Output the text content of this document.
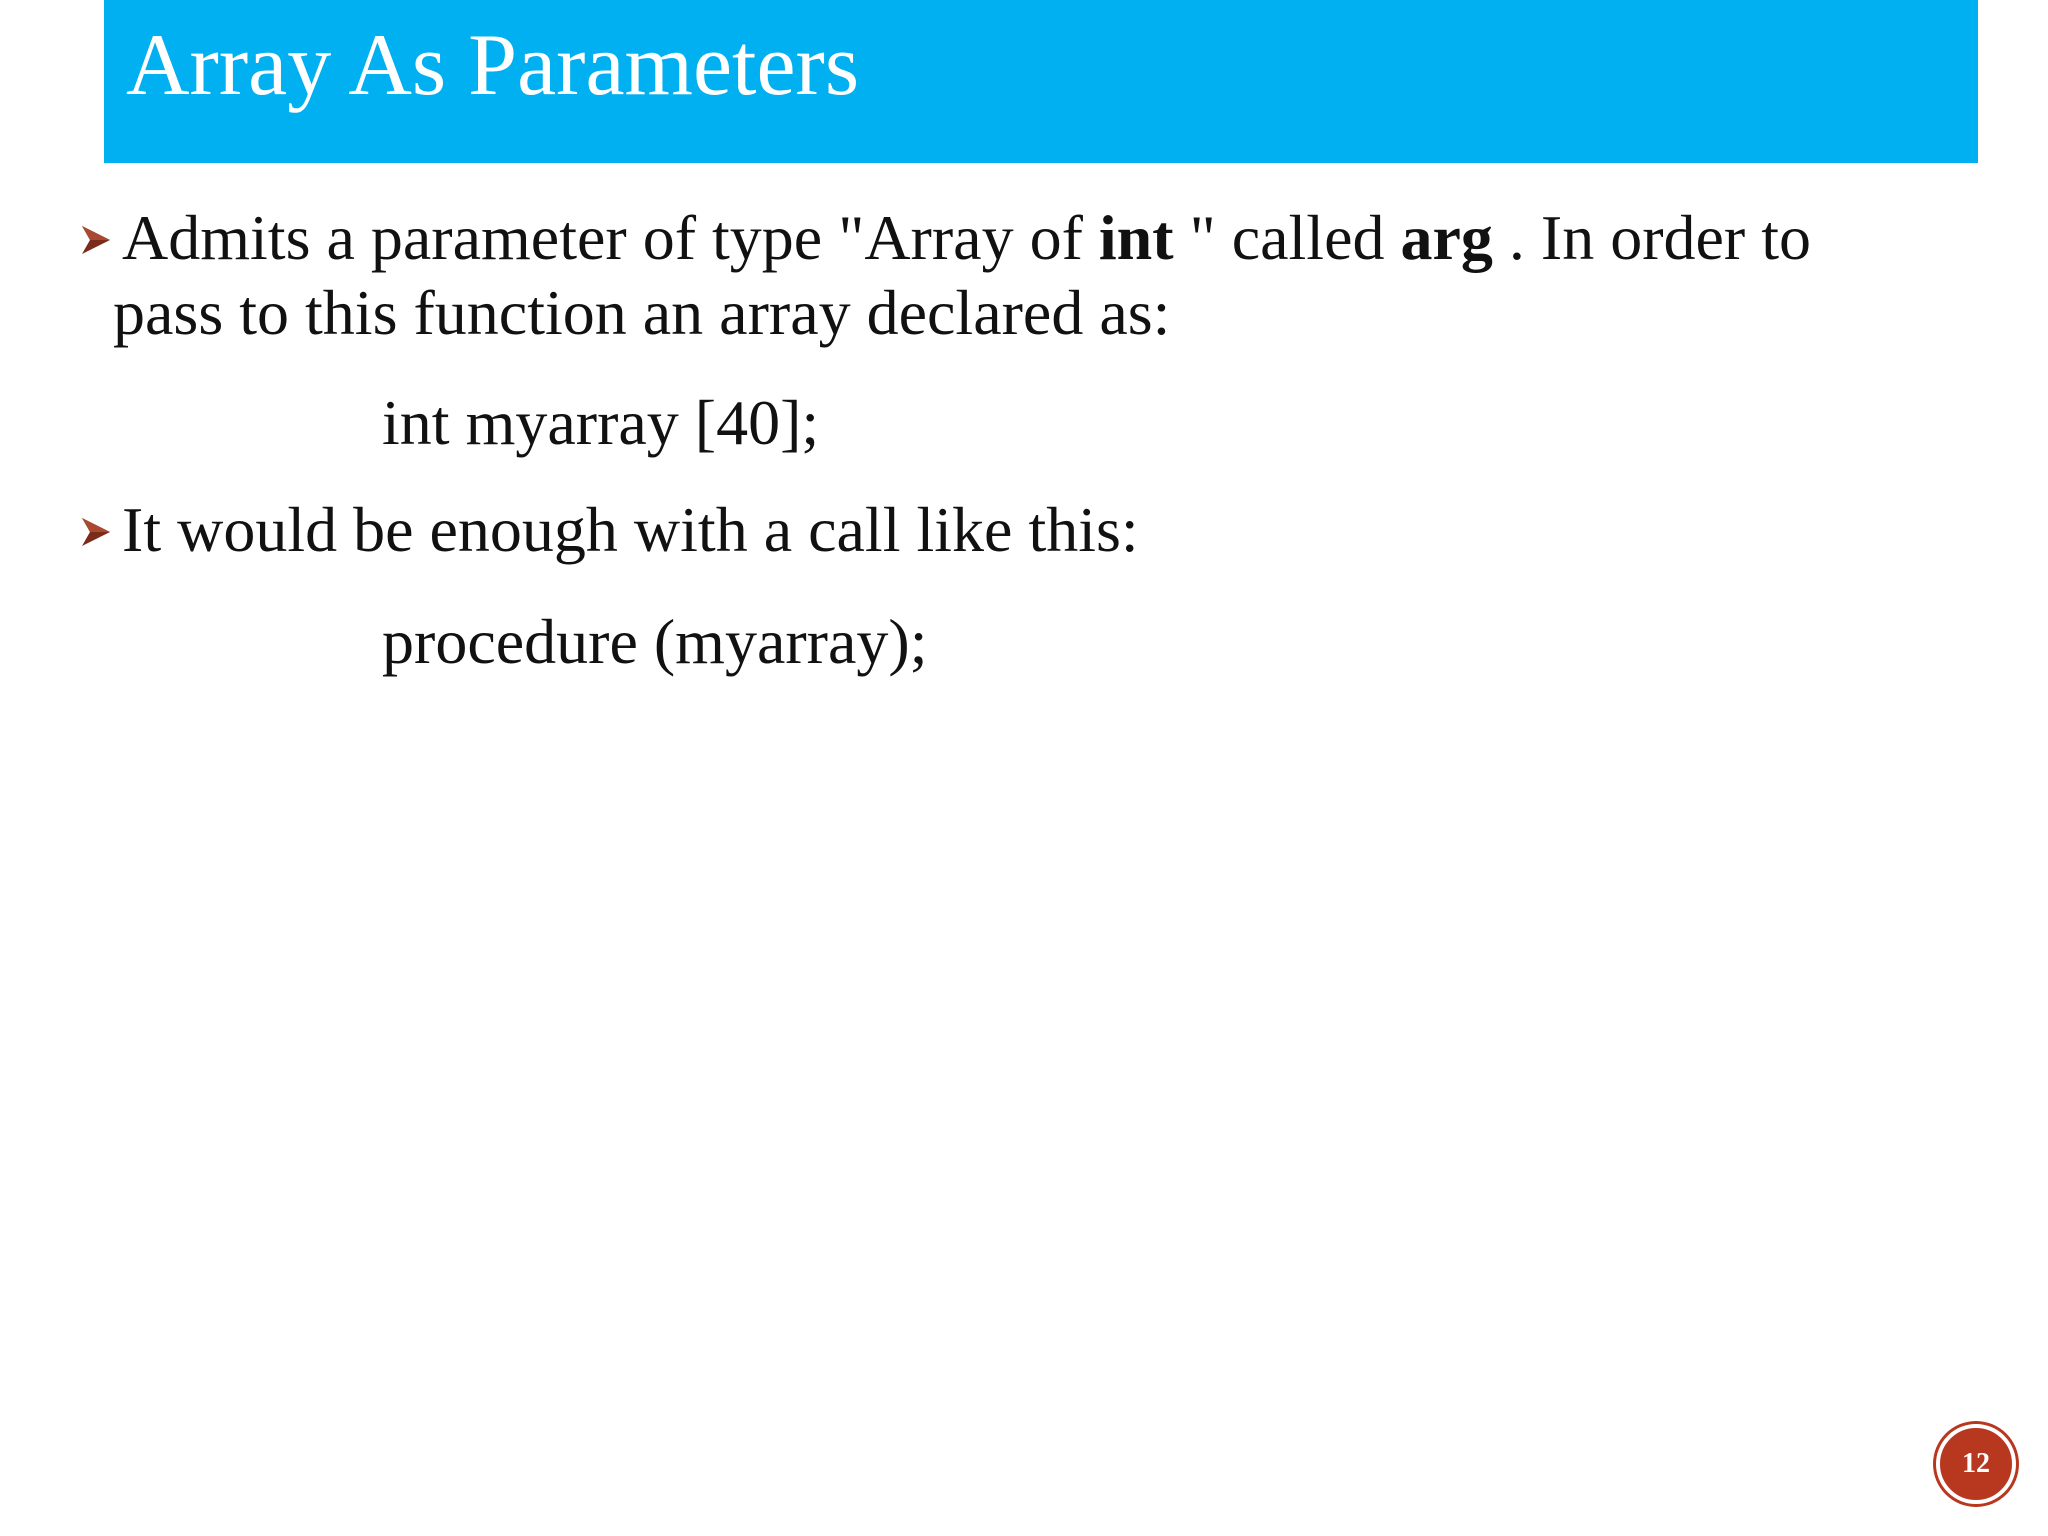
Array As Parameters
Admits a parameter of type "Array of int " called arg . In order to
pass to this function an array declared as:
int myarray [40];
It would be enough with a call like this:
procedure (myarray);
12
